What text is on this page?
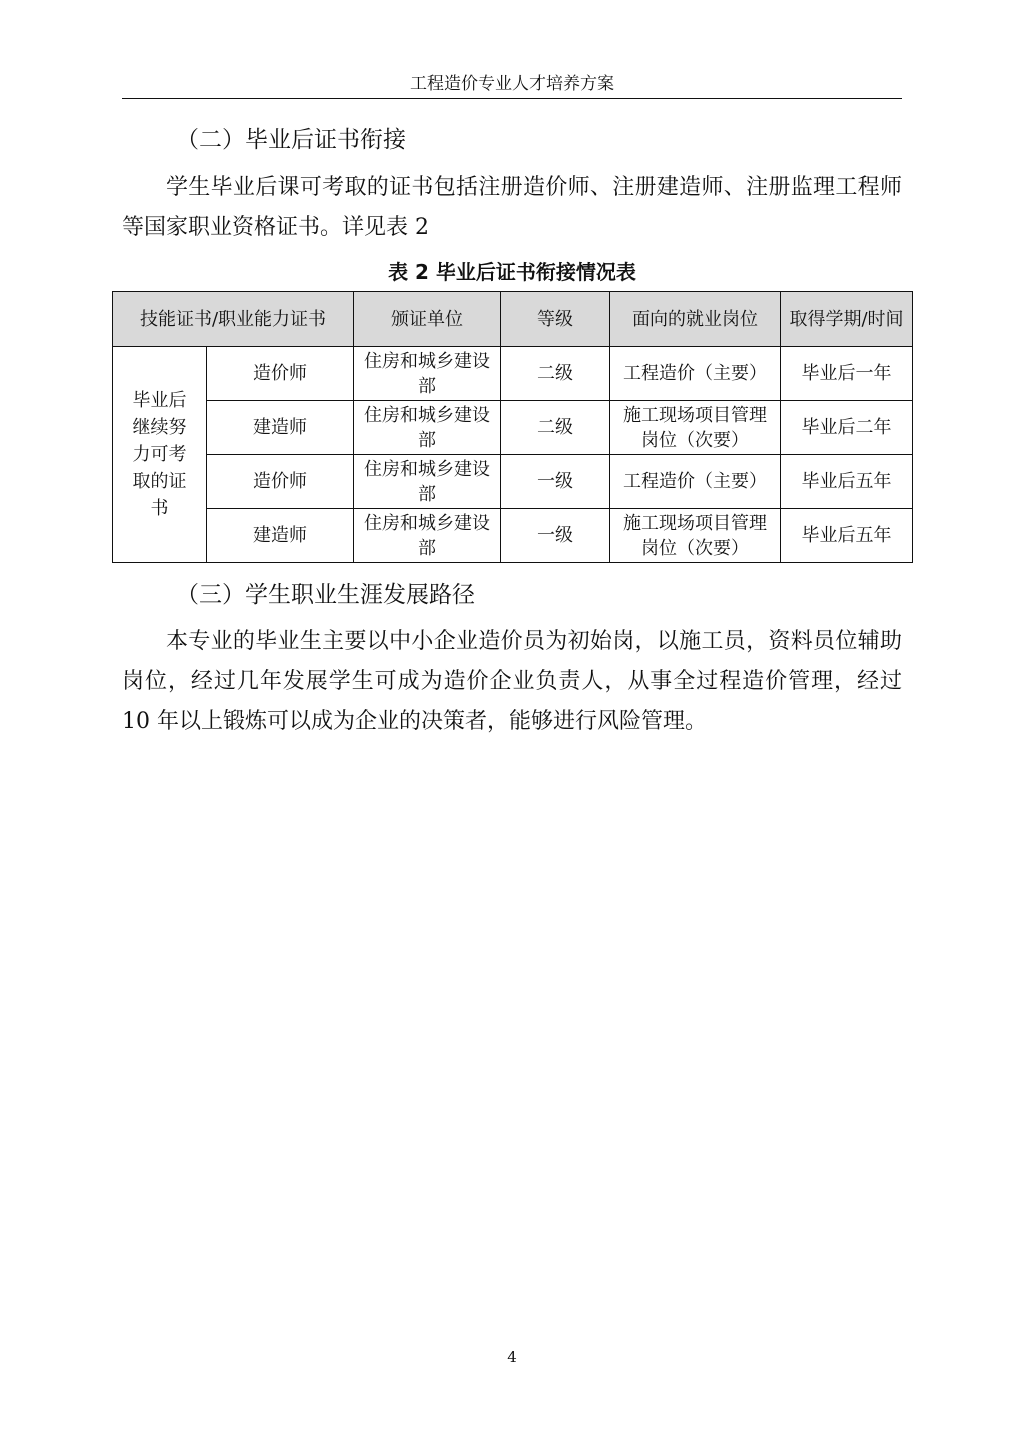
工程造价专业人才培养方案
（二）毕业后证书衔接
学生毕业后课可考取的证书包括注册造价师、注册建造师、注册监理工程师等国家职业资格证书。详见表 2
表 2 毕业后证书衔接情况表
技能证书/职业能力证书		颁证单位	等级	面向的就业岗位	取得学期/时间
毕业后继续努力可考取的证书	造价师	住房和城乡建设部	二级	工程造价（主要）	毕业后一年
	建造师	住房和城乡建设部	二级	施工现场项目管理岗位（次要）	毕业后二年
	造价师	住房和城乡建设部	一级	工程造价（主要）	毕业后五年
	建造师	住房和城乡建设部	一级	施工现场项目管理岗位（次要）	毕业后五年
（三）学生职业生涯发展路径
本专业的毕业生主要以中小企业造价员为初始岗，以施工员，资料员位辅助岗位，经过几年发展学生可成为造价企业负责人，从事全过程造价管理，经过 10 年以上锻炼可以成为企业的决策者，能够进行风险管理。
4
